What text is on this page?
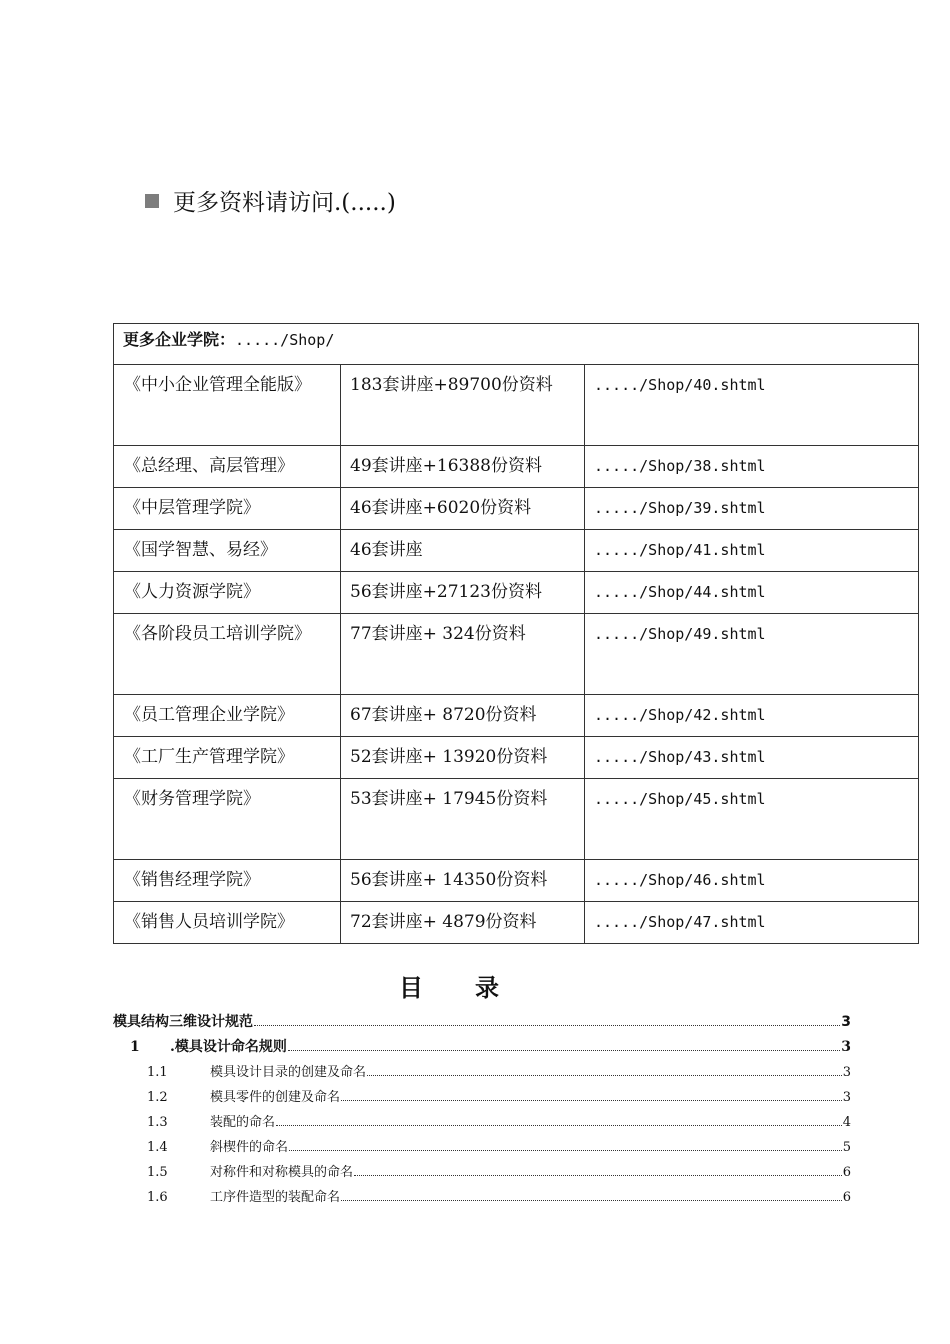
更多资料请访问.(.....)
更多企业学院：...../Shop/		
《中小企业管理全能版》	183套讲座+89700份资料	...../Shop/40.shtml
《总经理、高层管理》	49套讲座+16388份资料	...../Shop/38.shtml
《中层管理学院》	46套讲座+6020份资料	...../Shop/39.shtml
《国学智慧、易经》	46套讲座	...../Shop/41.shtml
《人力资源学院》	56套讲座+27123份资料	...../Shop/44.shtml
《各阶段员工培训学院》	77套讲座+ 324份资料	...../Shop/49.shtml
《员工管理企业学院》	67套讲座+ 8720份资料	...../Shop/42.shtml
《工厂生产管理学院》	52套讲座+ 13920份资料	...../Shop/43.shtml
《财务管理学院》	53套讲座+ 17945份资料	...../Shop/45.shtml
《销售经理学院》	56套讲座+ 14350份资料	...../Shop/46.shtml
《销售人员培训学院》	72套讲座+ 4879份资料	...../Shop/47.shtml
目录
模具结构三维设计规范	3
1 .模具设计命名规则	3
1.1	模具设计目录的创建及命名	3
1.2	模具零件的创建及命名	3
1.3	装配的命名	4
1.4	斜楔件的命名	5
1.5	对称件和对称模具的命名	6
1.6	工序件造型的装配命名	6
